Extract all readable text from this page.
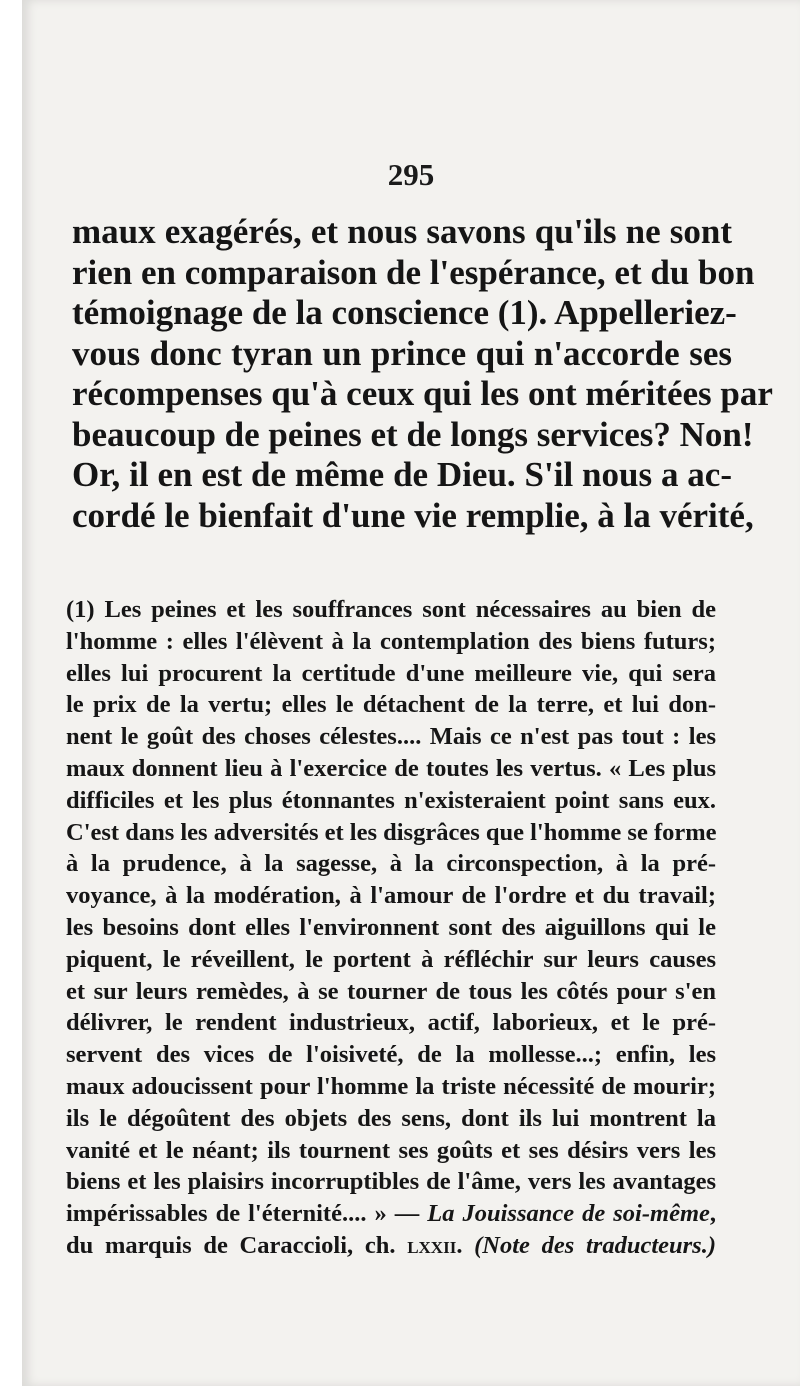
295
maux exagérés, et nous savons qu'ils ne sont
rien en comparaison de l'espérance, et du bon
témoignage de la conscience (1). Appelleriez-
vous donc tyran un prince qui n'accorde ses
récompenses qu'à ceux qui les ont méritées par
beaucoup de peines et de longs services? Non!
Or, il en est de même de Dieu. S'il nous a ac-
cordé le bienfait d'une vie remplie, à la vérité,
(1) Les peines et les souffrances sont nécessaires au bien de
l'homme : elles l'élèvent à la contemplation des biens futurs;
elles lui procurent la certitude d'une meilleure vie, qui sera
le prix de la vertu; elles le détachent de la terre, et lui don-
nent le goût des choses célestes.... Mais ce n'est pas tout : les
maux donnent lieu à l'exercice de toutes les vertus. « Les plus
difficiles et les plus étonnantes n'existeraient point sans eux.
C'est dans les adversités et les disgrâces que l'homme se forme
à la prudence, à la sagesse, à la circonspection, à la pré-
voyance, à la modération, à l'amour de l'ordre et du travail;
les besoins dont elles l'environnent sont des aiguillons qui le
piquent, le réveillent, le portent à réfléchir sur leurs causes
et sur leurs remèdes, à se tourner de tous les côtés pour s'en
délivrer, le rendent industrieux, actif, laborieux, et le pré-
servent des vices de l'oisiveté, de la mollesse...; enfin, les
maux adoucissent pour l'homme la triste nécessité de mourir;
ils le dégoûtent des objets des sens, dont ils lui montrent la
vanité et le néant; ils tournent ses goûts et ses désirs vers les
biens et les plaisirs incorruptibles de l'âme, vers les avantages
impérissables de l'éternité.... » — La Jouissance de soi-même,
du marquis de Caraccioli, ch. lxxii. (Note des traducteurs.)
